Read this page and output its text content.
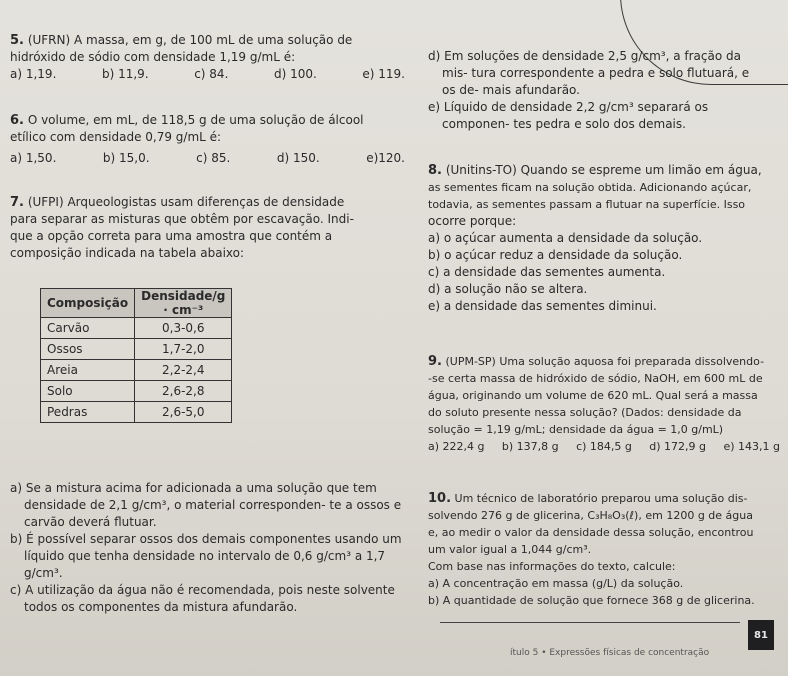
5. (UFRN) A massa, em g, de 100 mL de uma solução de

hidróxido de sódio com densidade 1,19 g/mL é:

a) 1,19.	b) 11,9.	c) 84.	d) 100.	e) 119.

6. O volume, em mL, de 118,5 g de uma solução de álcool

etílico com densidade 0,79 g/mL é:

a) 1,50.	b) 15,0.	c) 85.	d) 150.	e)120.

7. (UFPI) Arqueologistas usam diferenças de densidade

para separar as misturas que obtêm por escavação. Indi-

que a opção correta para uma amostra que contém a

composição indicada na tabela abaixo:

Composição	Densidade/g · cm⁻³
Carvão	0,3-0,6
Ossos	1,7-2,0
Areia	2,2-2,4
Solo	2,6-2,8
Pedras	2,6-5,0

a) Se a mistura acima for adicionada a uma solução que tem densidade de 2,1 g/cm³, o material corresponden- te a ossos e carvão deverá flutuar.

b) É possível separar ossos dos demais componentes usando um líquido que tenha densidade no intervalo de 0,6 g/cm³ a 1,7 g/cm³.

c) A utilização da água não é recomendada, pois neste solvente todos os componentes da mistura afundarão.

d) Em soluções de densidade 2,5 g/cm³, a fração da mis- tura correspondente a pedra e solo flutuará, e os de- mais afundarão.

e) Líquido de densidade 2,2 g/cm³ separará os componen- tes pedra e solo dos demais.

8. (Unitins-TO) Quando se espreme um limão em água,

as sementes ficam na solução obtida. Adicionando açúcar,

todavia, as sementes passam a flutuar na superfície. Isso

ocorre porque:

a) o açúcar aumenta a densidade da solução.

b) o açúcar reduz a densidade da solução.

c) a densidade das sementes aumenta.

d) a solução não se altera.

e) a densidade das sementes diminui.

9. (UPM-SP) Uma solução aquosa foi preparada dissolvendo-

-se certa massa de hidróxido de sódio, NaOH, em 600 mL de

água, originando um volume de 620 mL. Qual será a massa

do soluto presente nessa solução? (Dados: densidade da

solução = 1,19 g/mL; densidade da água = 1,0 g/mL)

a) 222,4 g b) 137,8 g c) 184,5 g d) 172,9 g e) 143,1 g

10. Um técnico de laboratório preparou uma solução dis-

solvendo 276 g de glicerina, C₃H₈O₃(ℓ), em 1200 g de água

e, ao medir o valor da densidade dessa solução, encontrou

um valor igual a 1,044 g/cm³.

Com base nas informações do texto, calcule:

a) A concentração em massa (g/L) da solução.

b) A quantidade de solução que fornece 368 g de glicerina.

ítulo 5 • Expressões físicas de concentração
81
